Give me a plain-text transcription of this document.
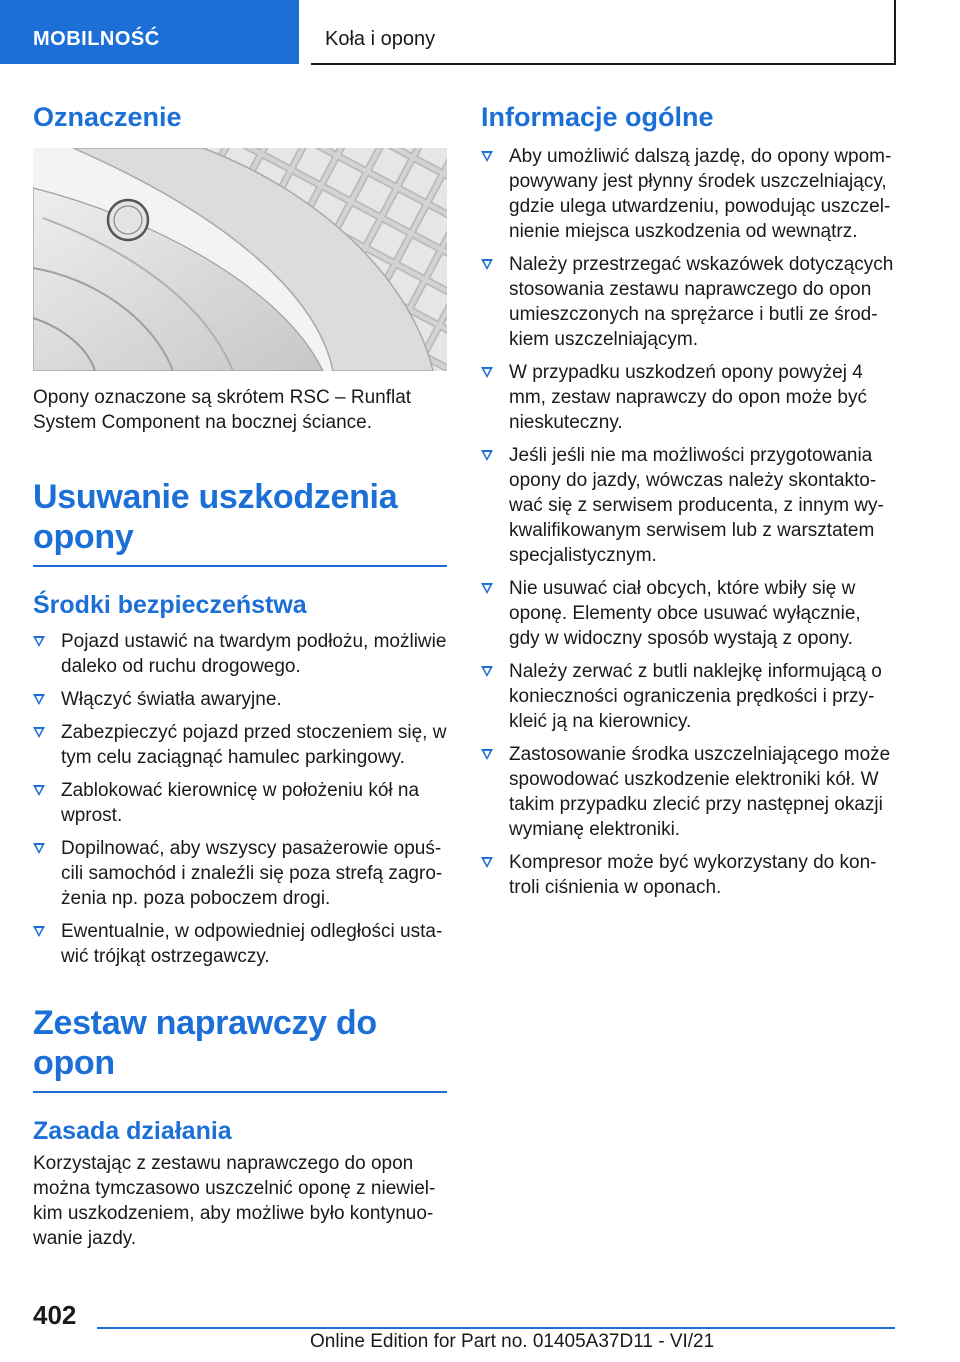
MOBILNOŚĆ	Koła i opony
Oznaczenie
Opony oznaczone są skrótem RSC – Runflat System Component na bocznej ściance.
Usuwanie uszkodzenia opony
Środki bezpieczeństwa
Pojazd ustawić na twardym podłożu, możliwie daleko od ruchu drogowego.
Włączyć światła awaryjne.
Zabezpieczyć pojazd przed stoczeniem się, w tym celu zaciągnąć hamulec parkingowy.
Zablokować kierownicę w położeniu kół na wprost.
Dopilnować, aby wszyscy pasażerowie opuścili samochód i znaleźli się poza strefą zagrożenia np. poza poboczem drogi.
Ewentualnie, w odpowiedniej odległości ustawić trójkąt ostrzegawczy.
Zestaw naprawczy do opon
Zasada działania
Korzystając z zestawu naprawczego do opon można tymczasowo uszczelnić oponę z niewielkim uszkodzeniem, aby możliwe było kontynuowanie jazdy.
Informacje ogólne
Aby umożliwić dalszą jazdę, do opony wpompowywany jest płynny środek uszczelniający, gdzie ulega utwardzeniu, powodując uszczelnienie miejsca uszkodzenia od wewnątrz.
Należy przestrzegać wskazówek dotyczących stosowania zestawu naprawczego do opon umieszczonych na sprężarce i butli ze środkiem uszczelniającym.
W przypadku uszkodzeń opony powyżej 4 mm, zestaw naprawczy do opon może być nieskuteczny.
Jeśli jeśli nie ma możliwości przygotowania opony do jazdy, wówczas należy skontaktować się z serwisem producenta, z innym wykwalifikowanym serwisem lub z warsztatem specjalistycznym.
Nie usuwać ciał obcych, które wbiły się w oponę. Elementy obce usuwać wyłącznie, gdy w widoczny sposób wystają z opony.
Należy zerwać z butli naklejkę informującą o konieczności ograniczenia prędkości i przykleić ją na kierownicy.
Zastosowanie środka uszczelniającego może spowodować uszkodzenie elektroniki kół. W takim przypadku zlecić przy następnej okazji wymianę elektroniki.
Kompresor może być wykorzystany do kontroli ciśnienia w oponach.
402
Online Edition for Part no. 01405A37D11 - VI/21
